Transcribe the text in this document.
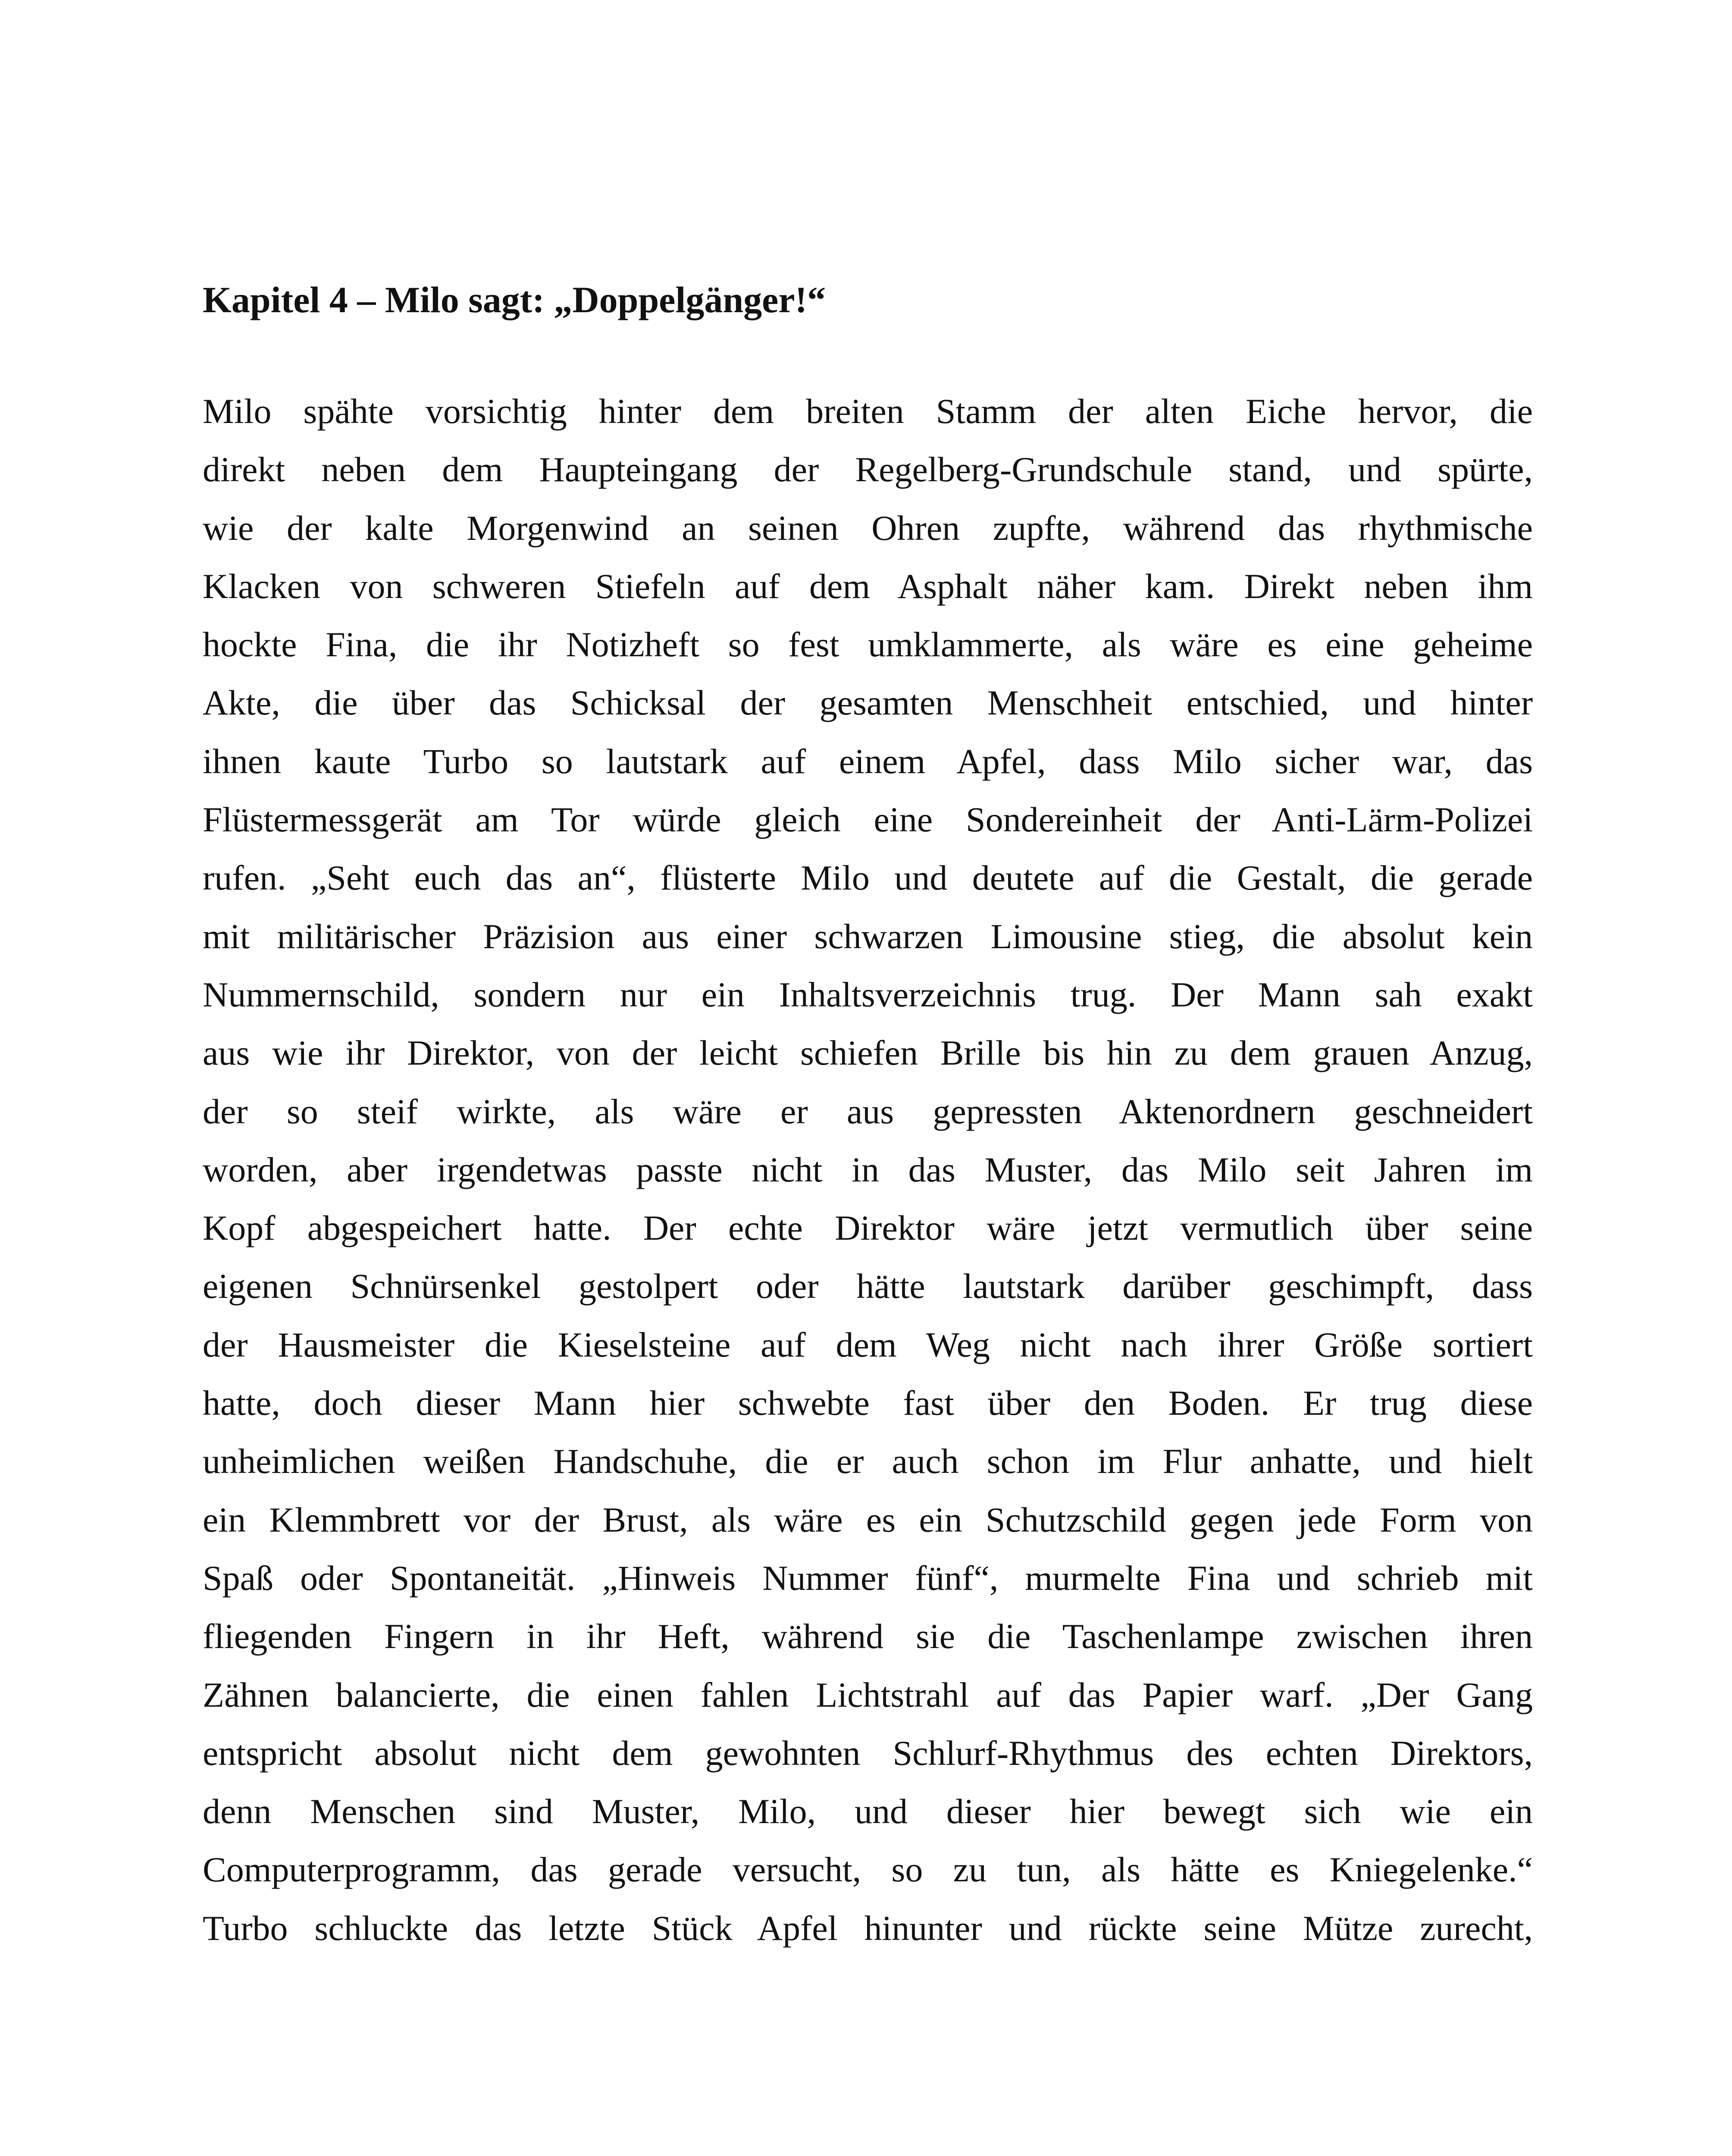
Kapitel 4 – Milo sagt: „Doppelgänger!“
Milo spähte vorsichtig hinter dem breiten Stamm der alten Eiche hervor, die
direkt neben dem Haupteingang der Regelberg-Grundschule stand, und spürte,
wie der kalte Morgenwind an seinen Ohren zupfte, während das rhythmische
Klacken von schweren Stiefeln auf dem Asphalt näher kam. Direkt neben ihm
hockte Fina, die ihr Notizheft so fest umklammerte, als wäre es eine geheime
Akte, die über das Schicksal der gesamten Menschheit entschied, und hinter
ihnen kaute Turbo so lautstark auf einem Apfel, dass Milo sicher war, das
Flüstermessgerät am Tor würde gleich eine Sondereinheit der Anti-Lärm-Polizei
rufen. „Seht euch das an“, flüsterte Milo und deutete auf die Gestalt, die gerade
mit militärischer Präzision aus einer schwarzen Limousine stieg, die absolut kein
Nummernschild, sondern nur ein Inhaltsverzeichnis trug. Der Mann sah exakt
aus wie ihr Direktor, von der leicht schiefen Brille bis hin zu dem grauen Anzug,
der so steif wirkte, als wäre er aus gepressten Aktenordnern geschneidert
worden, aber irgendetwas passte nicht in das Muster, das Milo seit Jahren im
Kopf abgespeichert hatte. Der echte Direktor wäre jetzt vermutlich über seine
eigenen Schnürsenkel gestolpert oder hätte lautstark darüber geschimpft, dass
der Hausmeister die Kieselsteine auf dem Weg nicht nach ihrer Größe sortiert
hatte, doch dieser Mann hier schwebte fast über den Boden. Er trug diese
unheimlichen weißen Handschuhe, die er auch schon im Flur anhatte, und hielt
ein Klemmbrett vor der Brust, als wäre es ein Schutzschild gegen jede Form von
Spaß oder Spontaneität. „Hinweis Nummer fünf“, murmelte Fina und schrieb mit
fliegenden Fingern in ihr Heft, während sie die Taschenlampe zwischen ihren
Zähnen balancierte, die einen fahlen Lichtstrahl auf das Papier warf. „Der Gang
entspricht absolut nicht dem gewohnten Schlurf-Rhythmus des echten Direktors,
denn Menschen sind Muster, Milo, und dieser hier bewegt sich wie ein
Computerprogramm, das gerade versucht, so zu tun, als hätte es Kniegelenke.“
Turbo schluckte das letzte Stück Apfel hinunter und rückte seine Mütze zurecht,
